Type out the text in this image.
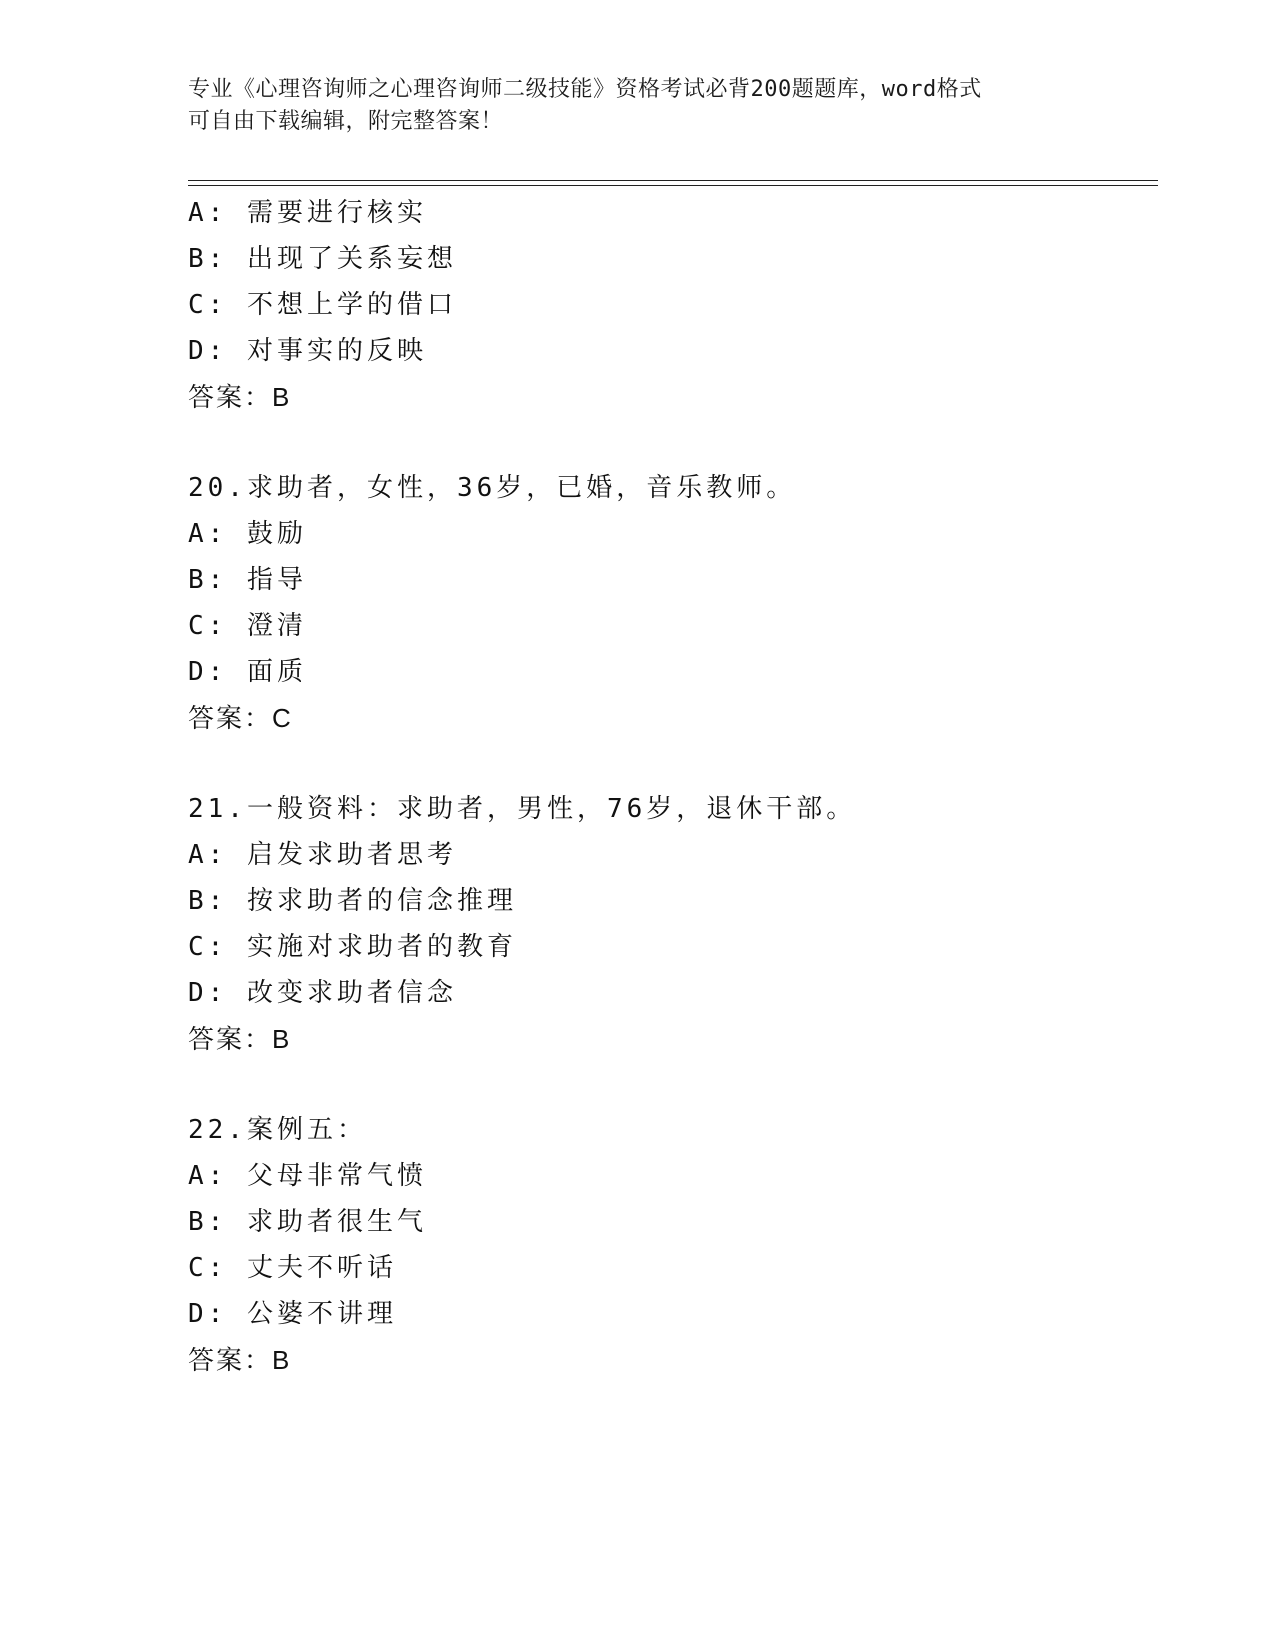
专业《心理咨询师之心理咨询师二级技能》资格考试必背200题题库，word格式
可自由下载编辑，附完整答案！
A: 需要进行核实
B: 出现了关系妄想
C: 不想上学的借口
D: 对事实的反映
答案：B
20.求助者，女性，36岁，已婚，音乐教师。
A: 鼓励
B: 指导
C: 澄清
D: 面质
答案：C
21.一般资料：求助者，男性，76岁，退休干部。
A: 启发求助者思考
B: 按求助者的信念推理
C: 实施对求助者的教育
D: 改变求助者信念
答案：B
22.案例五：
A: 父母非常气愤
B: 求助者很生气
C: 丈夫不听话
D: 公婆不讲理
答案：B
